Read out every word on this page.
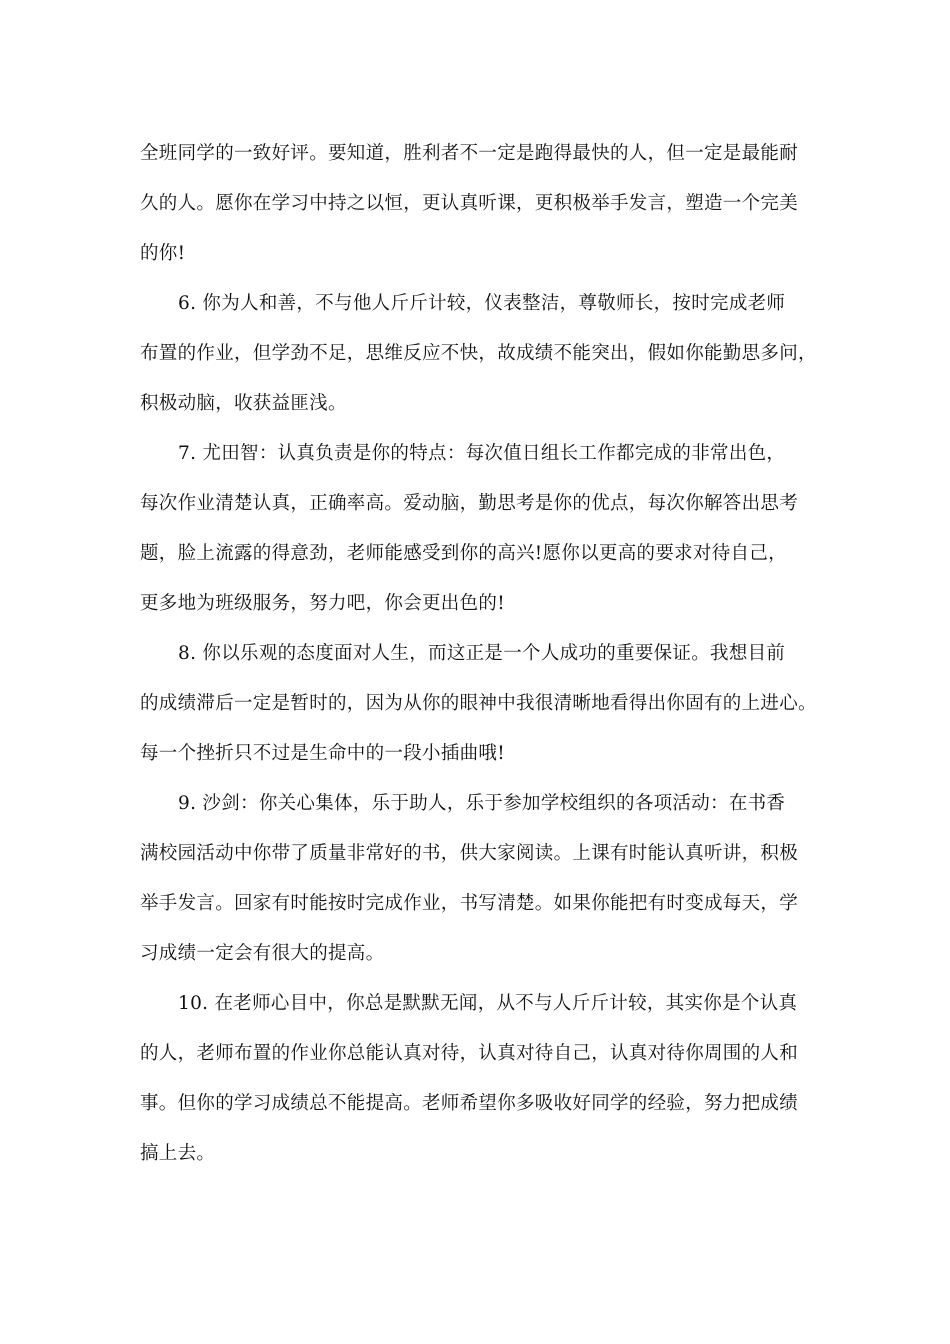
全班同学的一致好评。要知道，胜利者不一定是跑得最快的人，但一定是最能耐
久的人。愿你在学习中持之以恒，更认真听课，更积极举手发言，塑造一个完美
的你!
6. 你为人和善，不与他人斤斤计较，仪表整洁，尊敬师长，按时完成老师
布置的作业，但学劲不足，思维反应不快，故成绩不能突出，假如你能勤思多问，
积极动脑，收获益匪浅。
7. 尤田智：认真负责是你的特点：每次值日组长工作都完成的非常出色，
每次作业清楚认真，正确率高。爱动脑，勤思考是你的优点，每次你解答出思考
题，脸上流露的得意劲，老师能感受到你的高兴!愿你以更高的要求对待自己，
更多地为班级服务，努力吧，你会更出色的!
8. 你以乐观的态度面对人生，而这正是一个人成功的重要保证。我想目前
的成绩滞后一定是暂时的，因为从你的眼神中我很清晰地看得出你固有的上进心。
每一个挫折只不过是生命中的一段小插曲哦!
9. 沙剑：你关心集体，乐于助人，乐于参加学校组织的各项活动：在书香
满校园活动中你带了质量非常好的书，供大家阅读。上课有时能认真听讲，积极
举手发言。回家有时能按时完成作业，书写清楚。如果你能把有时变成每天，学
习成绩一定会有很大的提高。
10. 在老师心目中，你总是默默无闻，从不与人斤斤计较，其实你是个认真
的人，老师布置的作业你总能认真对待，认真对待自己，认真对待你周围的人和
事。但你的学习成绩总不能提高。老师希望你多吸收好同学的经验，努力把成绩
搞上去。
